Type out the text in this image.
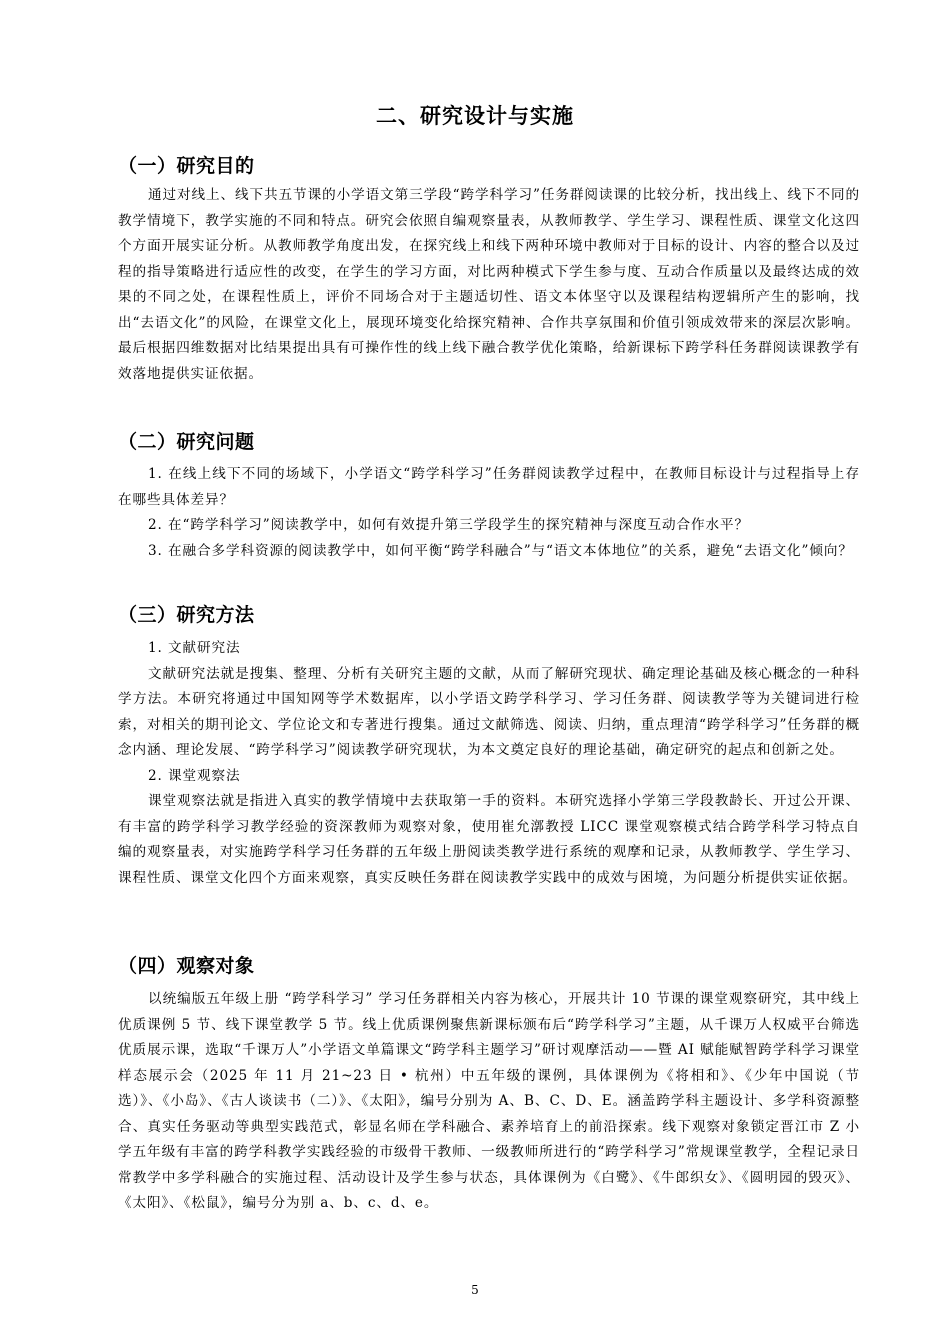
二、研究设计与实施
（一）研究目的

通过对线上、线下共五节课的小学语文第三学段“跨学科学习”任务群阅读课的比较分析，找出线上、线下不同的教学情境下，教学实施的不同和特点。研究会依照自编观察量表，从教师教学、学生学习、课程性质、课堂文化这四个方面开展实证分析。从教师教学角度出发，在探究线上和线下两种环境中教师对于目标的设计、内容的整合以及过程的指导策略进行适应性的改变，在学生的学习方面，对比两种模式下学生参与度、互动合作质量以及最终达成的效果的不同之处，在课程性质上，评价不同场合对于主题适切性、语文本体坚守以及课程结构逻辑所产生的影响，找出“去语文化”的风险，在课堂文化上，展现环境变化给探究精神、合作共享氛围和价值引领成效带来的深层次影响。最后根据四维数据对比结果提出具有可操作性的线上线下融合教学优化策略，给新课标下跨学科任务群阅读课教学有效落地提供实证依据。

（二）研究问题

1. 在线上线下不同的场域下，小学语文“跨学科学习”任务群阅读教学过程中，在教师目标设计与过程指导上存在哪些具体差异？

2. 在“跨学科学习”阅读教学中，如何有效提升第三学段学生的探究精神与深度互动合作水平？

3. 在融合多学科资源的阅读教学中，如何平衡“跨学科融合”与“语文本体地位”的关系，避免“去语文化”倾向？

（三）研究方法

1. 文献研究法

文献研究法就是搜集、整理、分析有关研究主题的文献，从而了解研究现状、确定理论基础及核心概念的一种科学方法。本研究将通过中国知网等学术数据库，以小学语文跨学科学习、学习任务群、阅读教学等为关键词进行检索，对相关的期刊论文、学位论文和专著进行搜集。通过文献筛选、阅读、归纳，重点理清“跨学科学习”任务群的概念内涵、理论发展、“跨学科学习”阅读教学研究现状，为本文奠定良好的理论基础，确定研究的起点和创新之处。

2. 课堂观察法

课堂观察法就是指进入真实的教学情境中去获取第一手的资料。本研究选择小学第三学段教龄长、开过公开课、有丰富的跨学科学习教学经验的资深教师为观察对象，使用崔允漷教授 LICC 课堂观察模式结合跨学科学习特点自编的观察量表，对实施跨学科学习任务群的五年级上册阅读类教学进行系统的观摩和记录，从教师教学、学生学习、课程性质、课堂文化四个方面来观察，真实反映任务群在阅读教学实践中的成效与困境，为问题分析提供实证依据。

（四）观察对象

以统编版五年级上册 “跨学科学习” 学习任务群相关内容为核心，开展共计 10 节课的课堂观察研究，其中线上优质课例 5 节、线下课堂教学 5 节。线上优质课例聚焦新课标颁布后“跨学科学习”主题，从千课万人权威平台筛选优质展示课，选取“千课万人”小学语文单篇课文“跨学科主题学习”研讨观摩活动——暨 AI 赋能赋智跨学科学习课堂样态展示会（2025 年 11 月 21~23 日 • 杭州）中五年级的课例，具体课例为《将相和》、《少年中国说（节选）》、《小岛》、《古人谈读书（二）》、《太阳》，编号分别为 A、B、C、D、E。涵盖跨学科主题设计、多学科资源整合、真实任务驱动等典型实践范式，彰显名师在学科融合、素养培育上的前沿探索。线下观察对象锁定晋江市 Z 小学五年级有丰富的跨学科教学实践经验的市级骨干教师、一级教师所进行的“跨学科学习”常规课堂教学，全程记录日常教学中多学科融合的实施过程、活动设计及学生参与状态，具体课例为《白鹭》、《牛郎织女》、《圆明园的毁灭》、《太阳》、《松鼠》，编号分为别 a、b、c、d、e。

5
